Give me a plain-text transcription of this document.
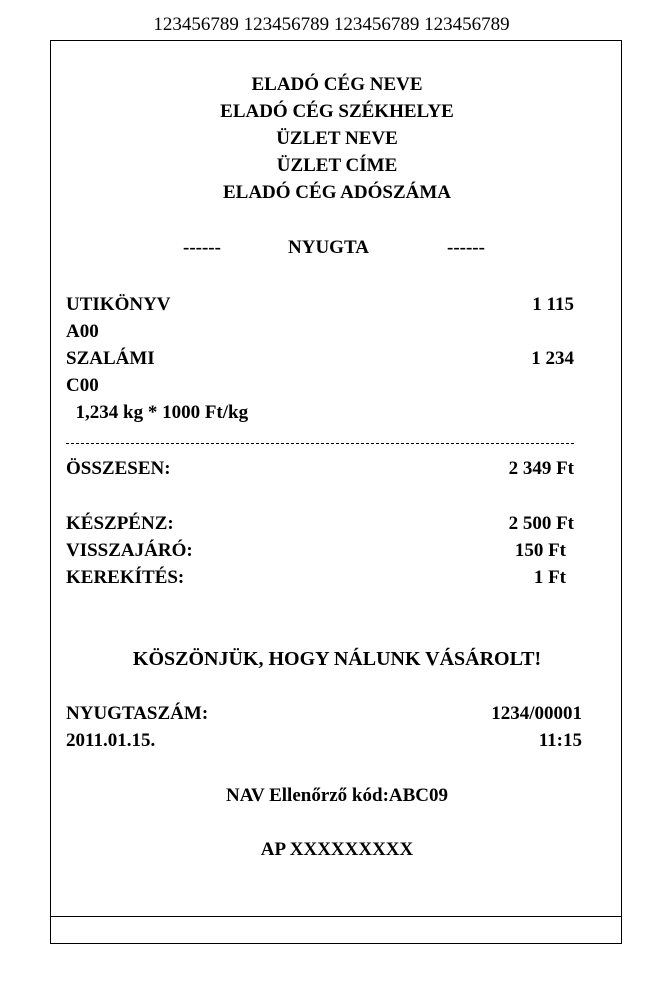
123456789 123456789 123456789 123456789
ELADÓ CÉG NEVE
ELADÓ CÉG SZÉKHELYE
ÜZLET NEVE
ÜZLET CÍME
ELADÓ CÉG ADÓSZÁMA
------	NYUGTA	------
UTIKÖNYV	1 115
A00
SZALÁMI	1 234
C00
1,234 kg * 1000 Ft/kg
ÖSSZESEN:	2 349 Ft
KÉSZPÉNZ:	2 500 Ft
VISSZAJÁRÓ:	150 Ft
KEREKÍTÉS:	1 Ft
KÖSZÖNJÜK, HOGY NÁLUNK VÁSÁROLT!
NYUGTASZÁM:	1234/00001
2011.01.15.	11:15
NAV Ellenőrző kód:ABC09
AP XXXXXXXXX
